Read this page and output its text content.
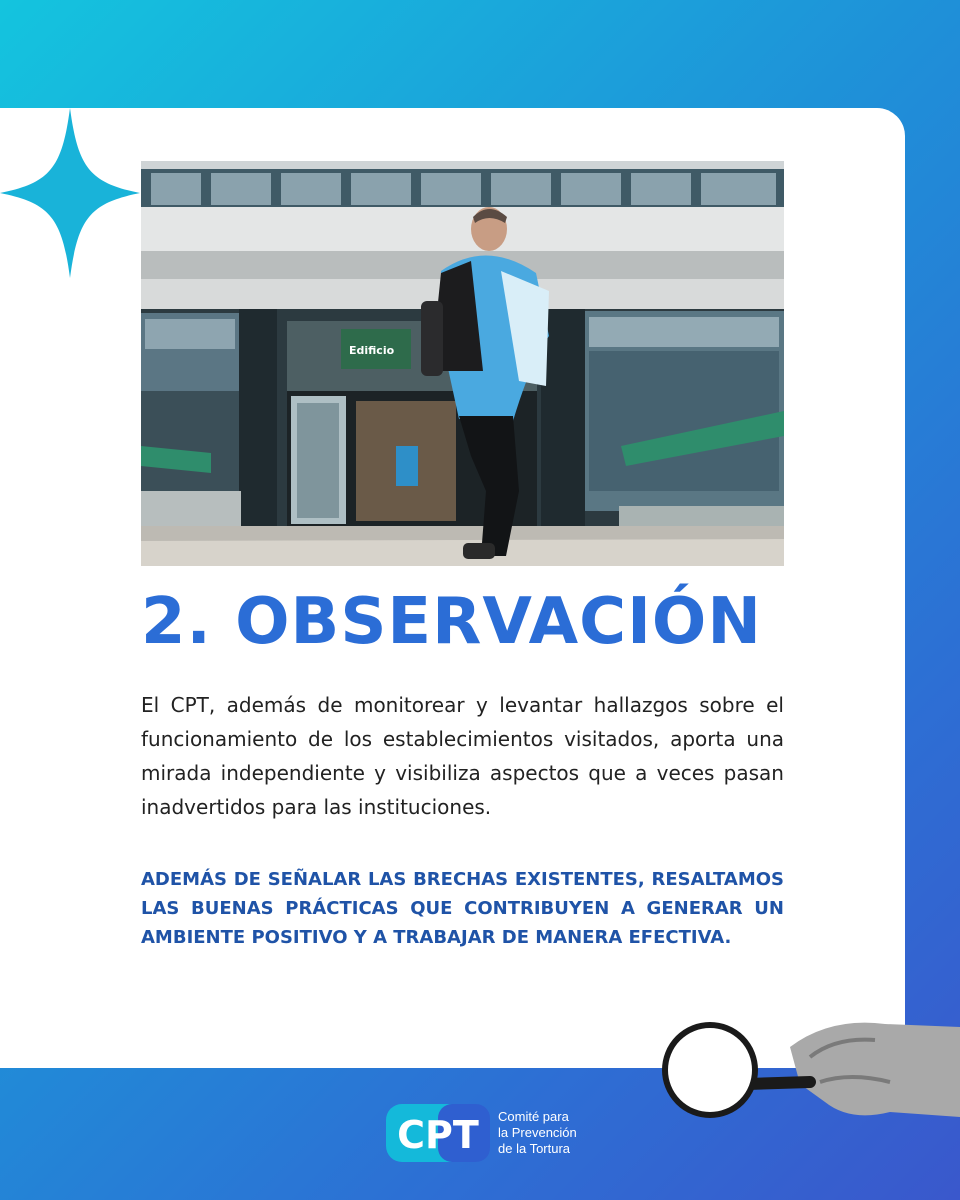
Edificio
2. OBSERVACIÓN

El CPT, además de monitorear y levantar hallazgos sobre el funcionamiento de los establecimientos visitados, aporta una mirada independiente y visibiliza aspectos que a veces pasan inadvertidos para las instituciones.

ADEMÁS DE SEÑALAR LAS BRECHAS EXISTENTES, RESALTAMOS LAS BUENAS PRÁCTICAS QUE CONTRIBUYEN A GENERAR UN AMBIENTE POSITIVO Y A TRABAJAR DE MANERA EFECTIVA.

CPT Comité para
la Prevención
de la Tortura
